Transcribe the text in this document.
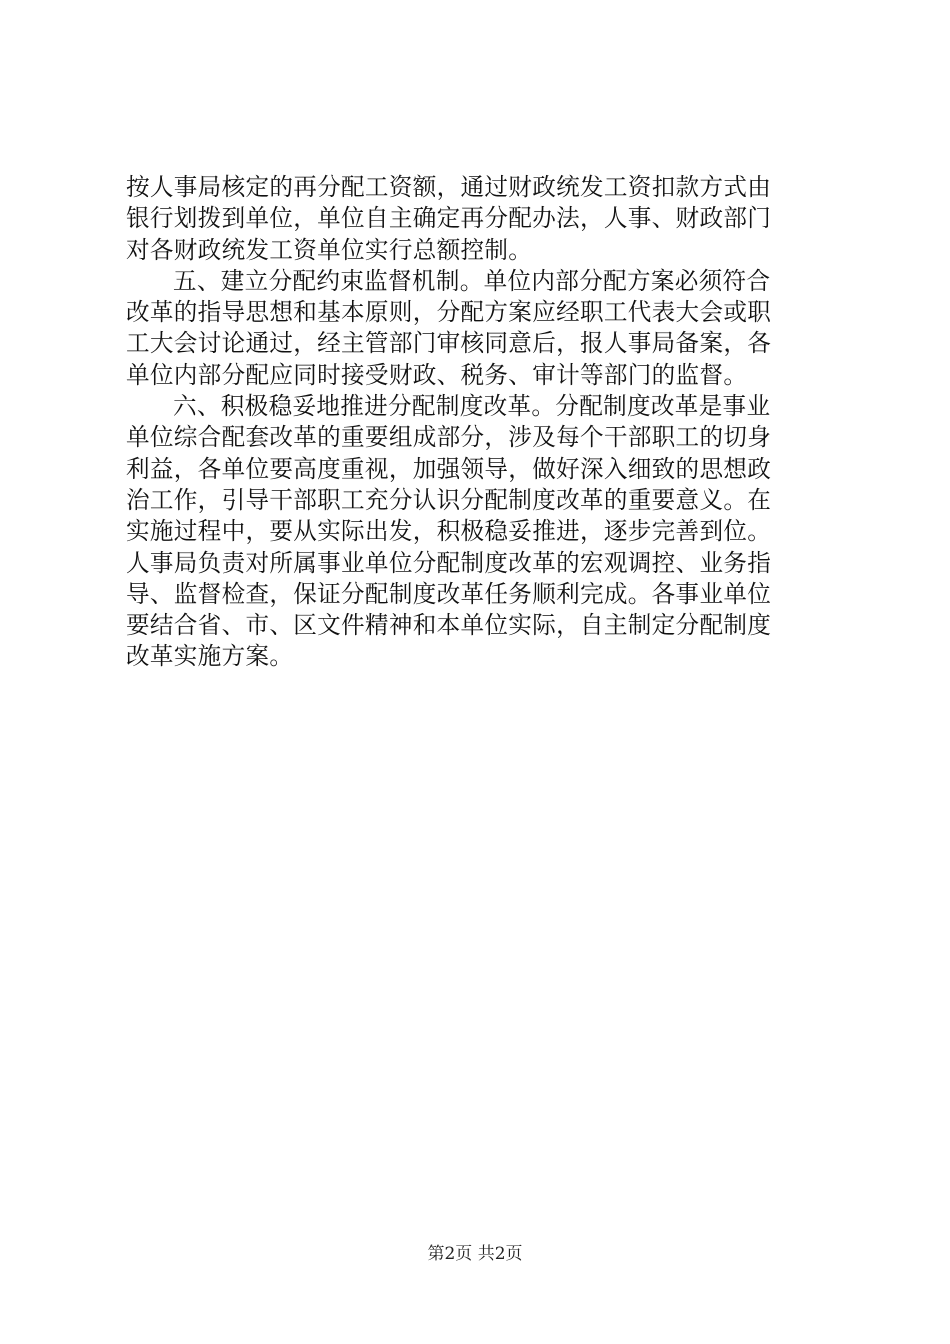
按人事局核定的再分配工资额，通过财政统发工资扣款方式由
银行划拨到单位，单位自主确定再分配办法，人事、财政部门
对各财政统发工资单位实行总额控制。
五、建立分配约束监督机制。单位内部分配方案必须符合
改革的指导思想和基本原则，分配方案应经职工代表大会或职
工大会讨论通过，经主管部门审核同意后，报人事局备案，各
单位内部分配应同时接受财政、税务、审计等部门的监督。
六、积极稳妥地推进分配制度改革。分配制度改革是事业
单位综合配套改革的重要组成部分，涉及每个干部职工的切身
利益，各单位要高度重视，加强领导，做好深入细致的思想政
治工作，引导干部职工充分认识分配制度改革的重要意义。在
实施过程中，要从实际出发，积极稳妥推进，逐步完善到位。
人事局负责对所属事业单位分配制度改革的宏观调控、业务指
导、监督检查，保证分配制度改革任务顺利完成。各事业单位
要结合省、市、区文件精神和本单位实际，自主制定分配制度
改革实施方案。
第2页 共2页
